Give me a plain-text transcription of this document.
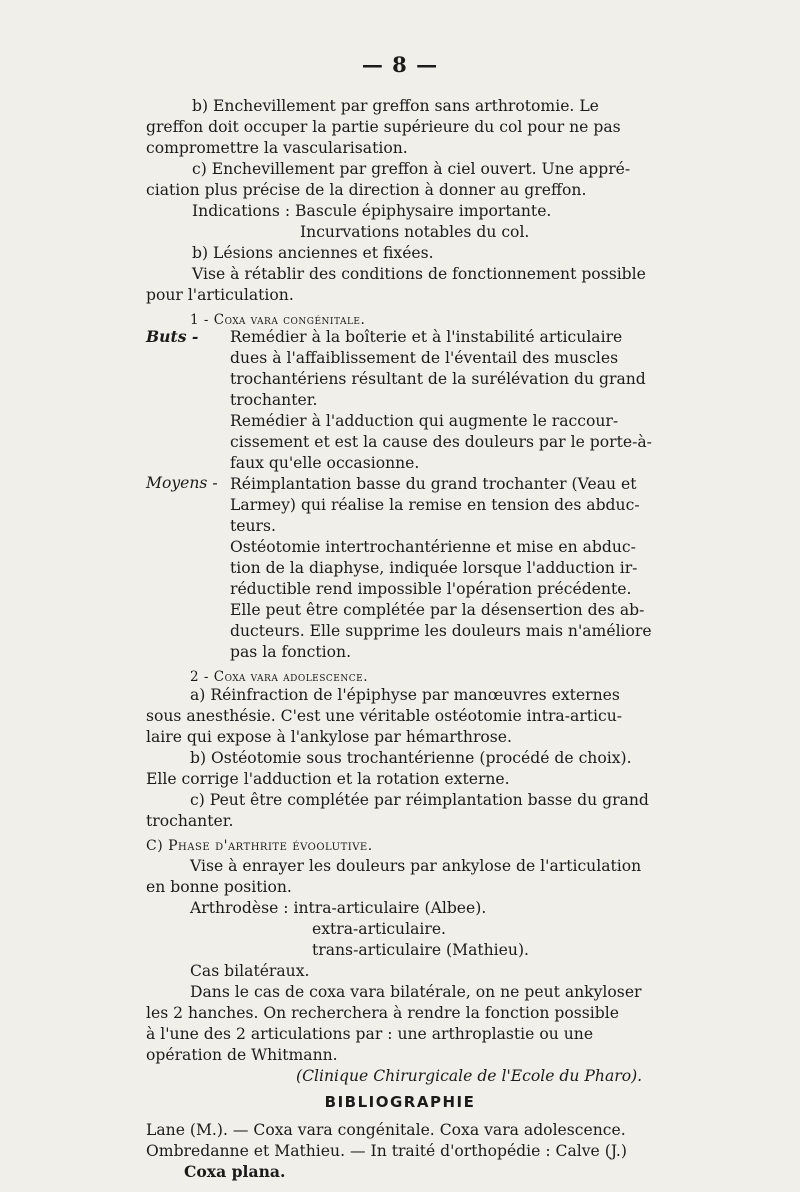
— 8 —
b) Enchevillement par greffon sans arthrotomie. Le
greffon doit occuper la partie supérieure du col pour ne pas
compromettre la vascularisation.
c) Enchevillement par greffon à ciel ouvert. Une appré-
ciation plus précise de la direction à donner au greffon.
Indications : Bascule épiphysaire importante.
Incurvations notables du col.
b) Lésions anciennes et fixées.
Vise à rétablir des conditions de fonctionnement possible
pour l'articulation.
1 - Coxa vara congénitale.
Buts - Remédier à la boîterie et à l'instabilité articulaire
dues à l'affaiblissement de l'éventail des muscles
trochantériens résultant de la surélévation du grand
trochanter.
Remédier à l'adduction qui augmente le raccour-
cissement et est la cause des douleurs par le porte-à-
faux qu'elle occasionne.
Moyens - Réimplantation basse du grand trochanter (Veau et
Larmey) qui réalise la remise en tension des abduc-
teurs.
Ostéotomie intertrochantérienne et mise en abduc-
tion de la diaphyse, indiquée lorsque l'adduction ir-
réductible rend impossible l'opération précédente.
Elle peut être complétée par la désensertion des ab-
ducteurs. Elle supprime les douleurs mais n'améliore
pas la fonction.
2 - Coxa vara adolescence.
a) Réinfraction de l'épiphyse par manœuvres externes
sous anesthésie. C'est une véritable ostéotomie intra-articu-
laire qui expose à l'ankylose par hémarthrose.
b) Ostéotomie sous trochantérienne (procédé de choix).
Elle corrige l'adduction et la rotation externe.
c) Peut être complétée par réimplantation basse du grand
trochanter.
C) Phase d'arthrite évoolutive.
Vise à enrayer les douleurs par ankylose de l'articulation
en bonne position.
Arthrodèse : intra-articulaire (Albee).
extra-articulaire.
trans-articulaire (Mathieu).
Cas bilatéraux.
Dans le cas de coxa vara bilatérale, on ne peut ankyloser
les 2 hanches. On recherchera à rendre la fonction possible
à l'une des 2 articulations par : une arthroplastie ou une
opération de Whitmann.
(Clinique Chirurgicale de l'Ecole du Pharo).
BIBLIOGRAPHIE
Lane (M.). — Coxa vara congénitale. Coxa vara adolescence.
Ombredanne et Mathieu. — In traité d'orthopédie : Calve (J.)
Coxa plana.
